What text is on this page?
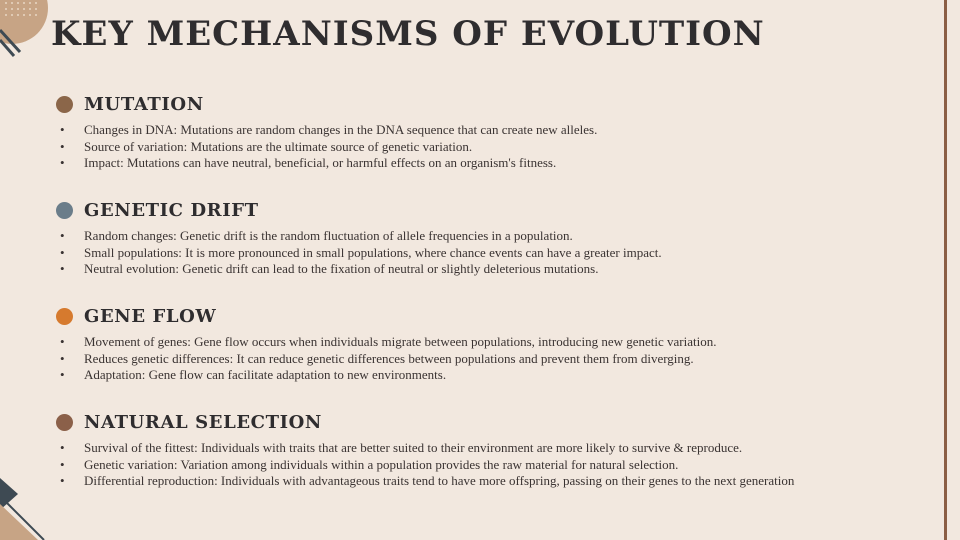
KEY MECHANISMS OF EVOLUTION
MUTATION
• Changes in DNA: Mutations are random changes in the DNA sequence that can create new alleles.
• Source of variation: Mutations are the ultimate source of genetic variation.
• Impact: Mutations can have neutral, beneficial, or harmful effects on an organism's fitness.
GENETIC DRIFT
• Random changes: Genetic drift is the random fluctuation of allele frequencies in a population.
• Small populations: It is more pronounced in small populations, where chance events can have a greater impact.
• Neutral evolution: Genetic drift can lead to the fixation of neutral or slightly deleterious mutations.
GENE FLOW
• Movement of genes: Gene flow occurs when individuals migrate between populations, introducing new genetic variation.
• Reduces genetic differences: It can reduce genetic differences between populations and prevent them from diverging.
• Adaptation: Gene flow can facilitate adaptation to new environments.
NATURAL SELECTION
• Survival of the fittest: Individuals with traits that are better suited to their environment are more likely to survive & reproduce.
• Genetic variation: Variation among individuals within a population provides the raw material for natural selection.
• Differential reproduction: Individuals with advantageous traits tend to have more offspring, passing on their genes to the next generation
